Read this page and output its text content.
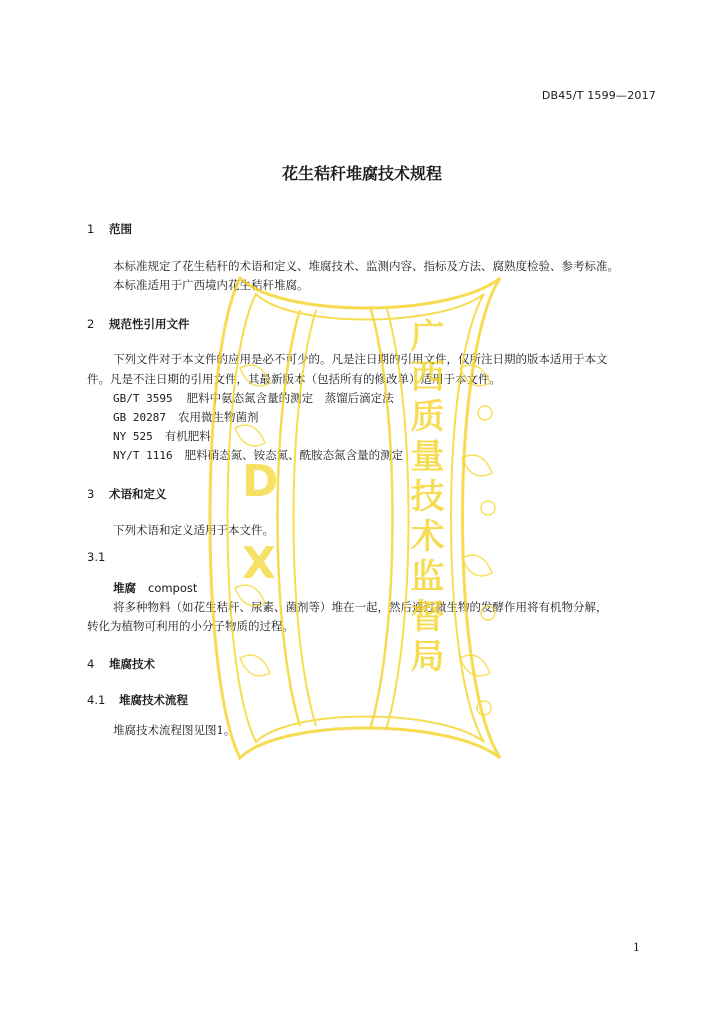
DB45/T 1599—2017
花生秸秆堆腐技术规程
1 范围
本标准规定了花生秸秆的术语和定义、堆腐技术、监测内容、指标及方法、腐熟度检验、参考标准。
本标准适用于广西境内花生秸秆堆腐。
2 规范性引用文件
下列文件对于本文件的应用是必不可少的。凡是注日期的引用文件，仅所注日期的版本适用于本文
件。凡是不注日期的引用文件，其最新版本（包括所有的修改单）适用于本文件。
GB/T 3595 肥料中氨态氮含量的测定　蒸馏后滴定法
GB 20287 农用微生物菌剂
NY 525 有机肥料
NY/T 1116 肥料硝态氮、铵态氮、酰胺态氮含量的测定
3 术语和定义
下列术语和定义适用于本文件。
3.1
堆腐 compost
将多种物料（如花生秸秆、尿素、菌剂等）堆在一起，然后通过微生物的发酵作用将有机物分解，
转化为植物可利用的小分子物质的过程。
4 堆腐技术
4.1 堆腐技术流程
堆腐技术流程图见图1。
1
D
X	广西质量技术监督局
